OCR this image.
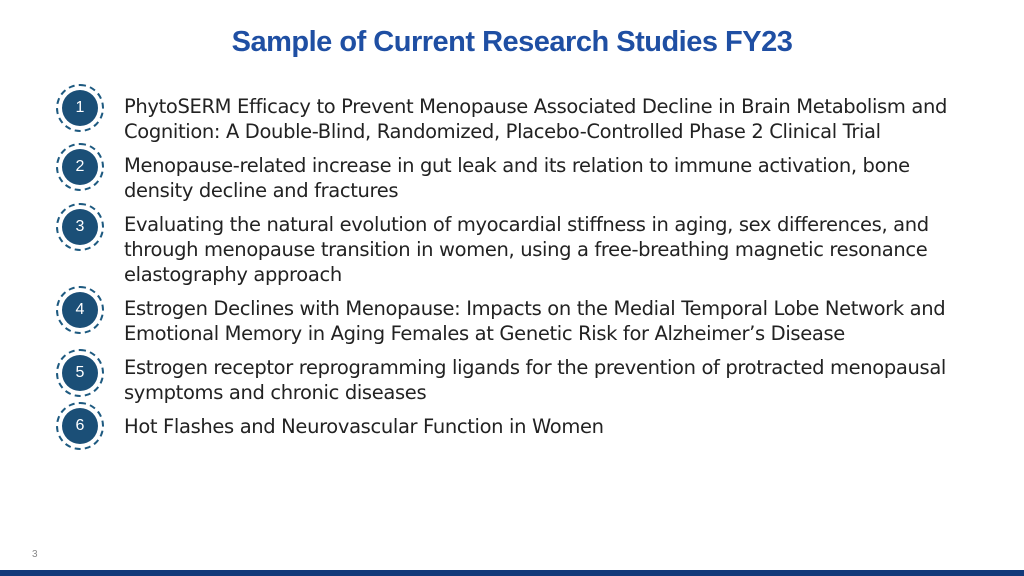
Sample of Current Research Studies FY23
1	PhytoSERM Efficacy to Prevent Menopause Associated Decline in Brain Metabolism and Cognition: A Double-Blind, Randomized, Placebo-Controlled Phase 2 Clinical Trial
2	Menopause-related increase in gut leak and its relation to immune activation, bone density decline and fractures
3	Evaluating the natural evolution of myocardial stiffness in aging, sex differences, and through menopause transition in women, using a free-breathing magnetic resonance elastography approach
4	Estrogen Declines with Menopause: Impacts on the Medial Temporal Lobe Network and Emotional Memory in Aging Females at Genetic Risk for Alzheimer’s Disease
5	Estrogen receptor reprogramming ligands for the prevention of protracted menopausal symptoms and chronic diseases
6	Hot Flashes and Neurovascular Function in Women
3
